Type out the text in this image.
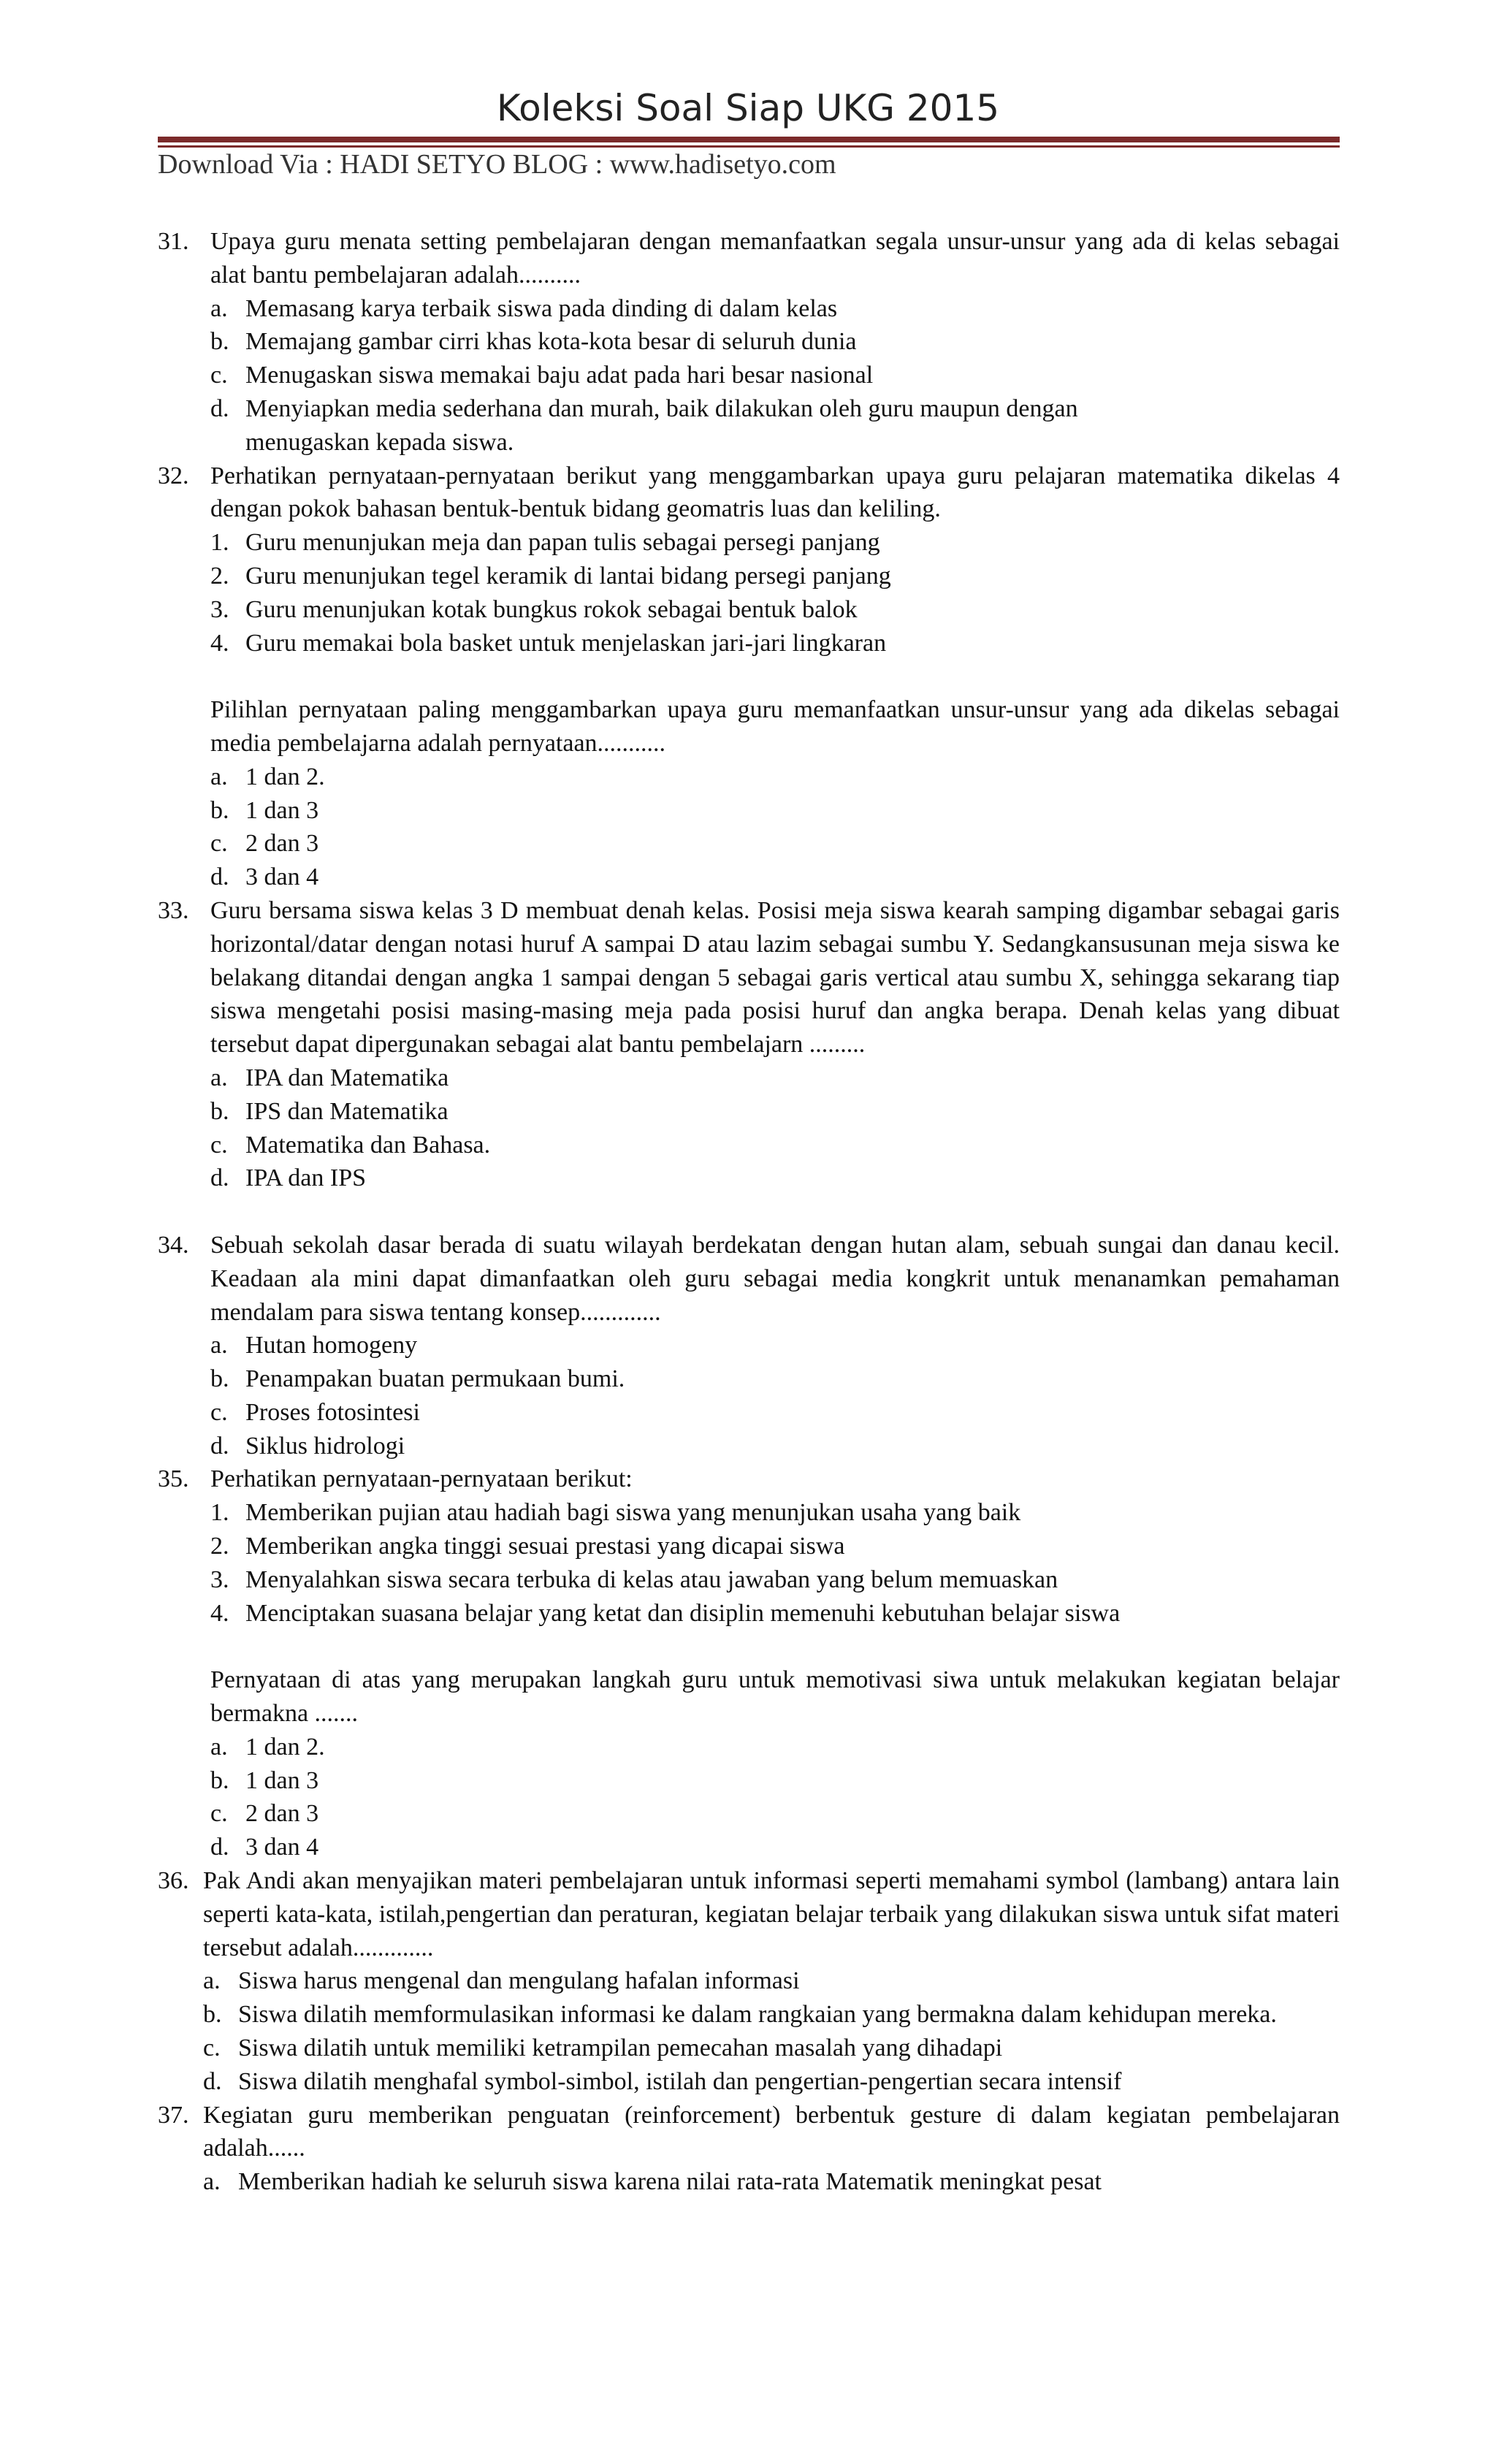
Koleksi Soal Siap UKG 2015
Download Via : HADI SETYO BLOG : www.hadisetyo.com
31. Upaya guru menata setting pembelajaran dengan memanfaatkan segala unsur-unsur yang ada di kelas sebagai alat bantu pembelajaran adalah..........
a. Memasang karya terbaik siswa pada dinding di dalam kelas
b. Memajang gambar cirri khas kota-kota besar di seluruh dunia
c. Menugaskan siswa memakai baju adat pada hari besar nasional
d. Menyiapkan media sederhana dan murah, baik dilakukan oleh guru maupun dengan menugaskan kepada siswa.
32. Perhatikan pernyataan-pernyataan berikut yang menggambarkan upaya guru pelajaran matematika dikelas 4 dengan pokok bahasan bentuk-bentuk bidang geomatris luas dan keliling.
1. Guru menunjukan meja dan papan tulis sebagai persegi panjang
2. Guru menunjukan tegel keramik di lantai bidang persegi panjang
3. Guru menunjukan kotak bungkus rokok sebagai bentuk balok
4. Guru memakai bola basket untuk menjelaskan jari-jari lingkaran
Pilihlan pernyataan paling menggambarkan upaya guru memanfaatkan unsur-unsur yang ada dikelas sebagai media pembelajarna adalah pernyataan...........
a. 1 dan 2.
b. 1 dan 3
c. 2 dan 3
d. 3 dan 4
33. Guru bersama siswa kelas 3 D membuat denah kelas. Posisi meja siswa kearah samping digambar sebagai garis horizontal/datar dengan notasi huruf A sampai D atau lazim sebagai sumbu Y. Sedangkansusunan meja siswa ke belakang ditandai dengan angka 1 sampai dengan 5 sebagai garis vertical atau sumbu X, sehingga sekarang tiap siswa mengetahi posisi masing-masing meja pada posisi huruf dan angka berapa. Denah kelas yang dibuat tersebut dapat dipergunakan sebagai alat bantu pembelajarn .........
a. IPA dan Matematika
b. IPS dan Matematika
c. Matematika dan Bahasa.
d. IPA dan IPS
34. Sebuah sekolah dasar berada di suatu wilayah berdekatan dengan hutan alam, sebuah sungai dan danau kecil. Keadaan ala mini dapat dimanfaatkan oleh guru sebagai media kongkrit untuk menanamkan pemahaman mendalam para siswa tentang konsep.............
a. Hutan homogeny
b. Penampakan buatan permukaan bumi.
c. Proses fotosintesi
d. Siklus hidrologi
35. Perhatikan pernyataan-pernyataan berikut:
1. Memberikan pujian atau hadiah bagi siswa yang menunjukan usaha yang baik
2. Memberikan angka tinggi sesuai prestasi yang dicapai siswa
3. Menyalahkan siswa secara terbuka di kelas atau jawaban yang belum memuaskan
4. Menciptakan suasana belajar yang ketat dan disiplin memenuhi kebutuhan belajar siswa
Pernyataan di atas yang merupakan langkah guru untuk memotivasi siwa untuk melakukan kegiatan belajar bermakna .......
a. 1 dan 2.
b. 1 dan 3
c. 2 dan 3
d. 3 dan 4
36. Pak Andi akan menyajikan materi pembelajaran untuk informasi seperti memahami symbol (lambang) antara lain seperti kata-kata, istilah,pengertian dan peraturan, kegiatan belajar terbaik yang dilakukan siswa untuk sifat materi tersebut adalah.............
a. Siswa harus mengenal dan mengulang hafalan informasi
b. Siswa dilatih memformulasikan informasi ke dalam rangkaian yang bermakna dalam kehidupan mereka.
c. Siswa dilatih untuk memiliki ketrampilan pemecahan masalah yang dihadapi
d. Siswa dilatih menghafal symbol-simbol, istilah dan pengertian-pengertian secara intensif
37. Kegiatan guru memberikan penguatan (reinforcement) berbentuk gesture di dalam kegiatan pembelajaran adalah......
a. Memberikan hadiah ke seluruh siswa karena nilai rata-rata Matematik meningkat pesat
